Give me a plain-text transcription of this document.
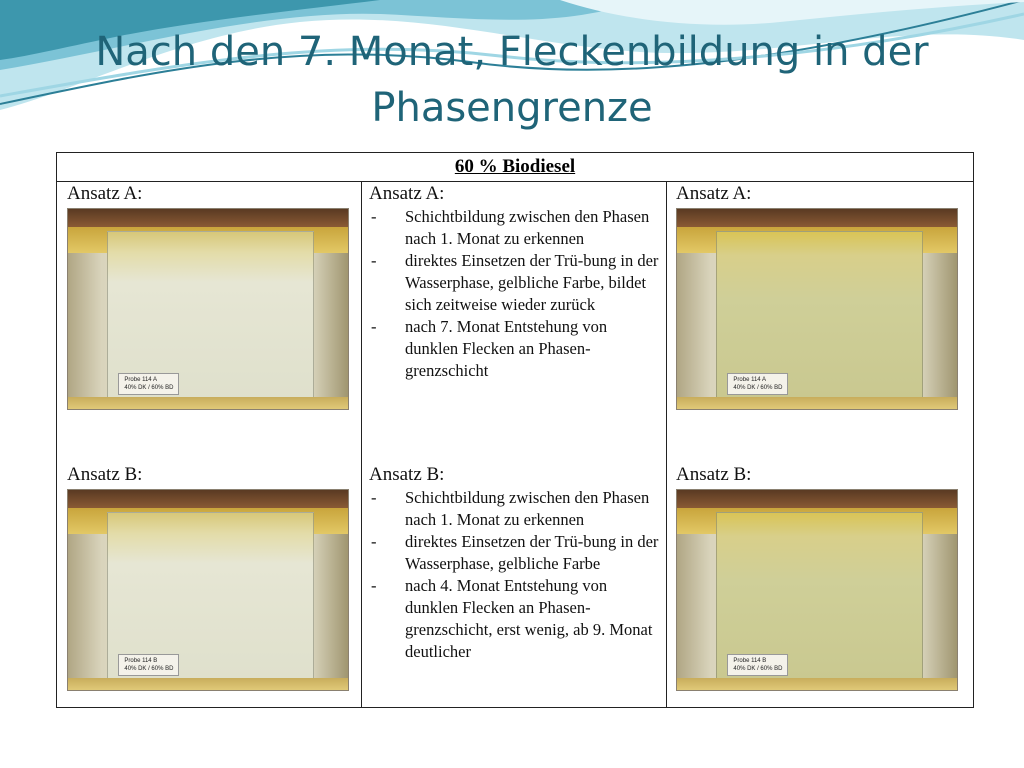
Nach den 7. Monat, Fleckenbildung in der Phasengrenze
60 % Biodiesel
Ansatz A:
Probe 114 A
40% DK / 60% BD
Ansatz A:
- Schichtbildung zwischen den Phasen nach 1. Monat zu erkennen
- direktes Einsetzen der Trü-bung in der Wasserphase, gelbliche Farbe, bildet sich zeitweise wieder zurück
- nach 7. Monat Entstehung von dunklen Flecken an Phasen-grenzschicht
Ansatz A:
Probe 114 A
40% DK / 60% BD
Ansatz B:
Probe 114 B
40% DK / 60% BD
Ansatz B:
- Schichtbildung zwischen den Phasen nach 1. Monat zu erkennen
- direktes Einsetzen der Trü-bung in der Wasserphase, gelbliche Farbe
- nach 4. Monat Entstehung von dunklen Flecken an Phasen-grenzschicht, erst wenig, ab 9. Monat deutlicher
Ansatz B:
Probe 114 B
40% DK / 60% BD
